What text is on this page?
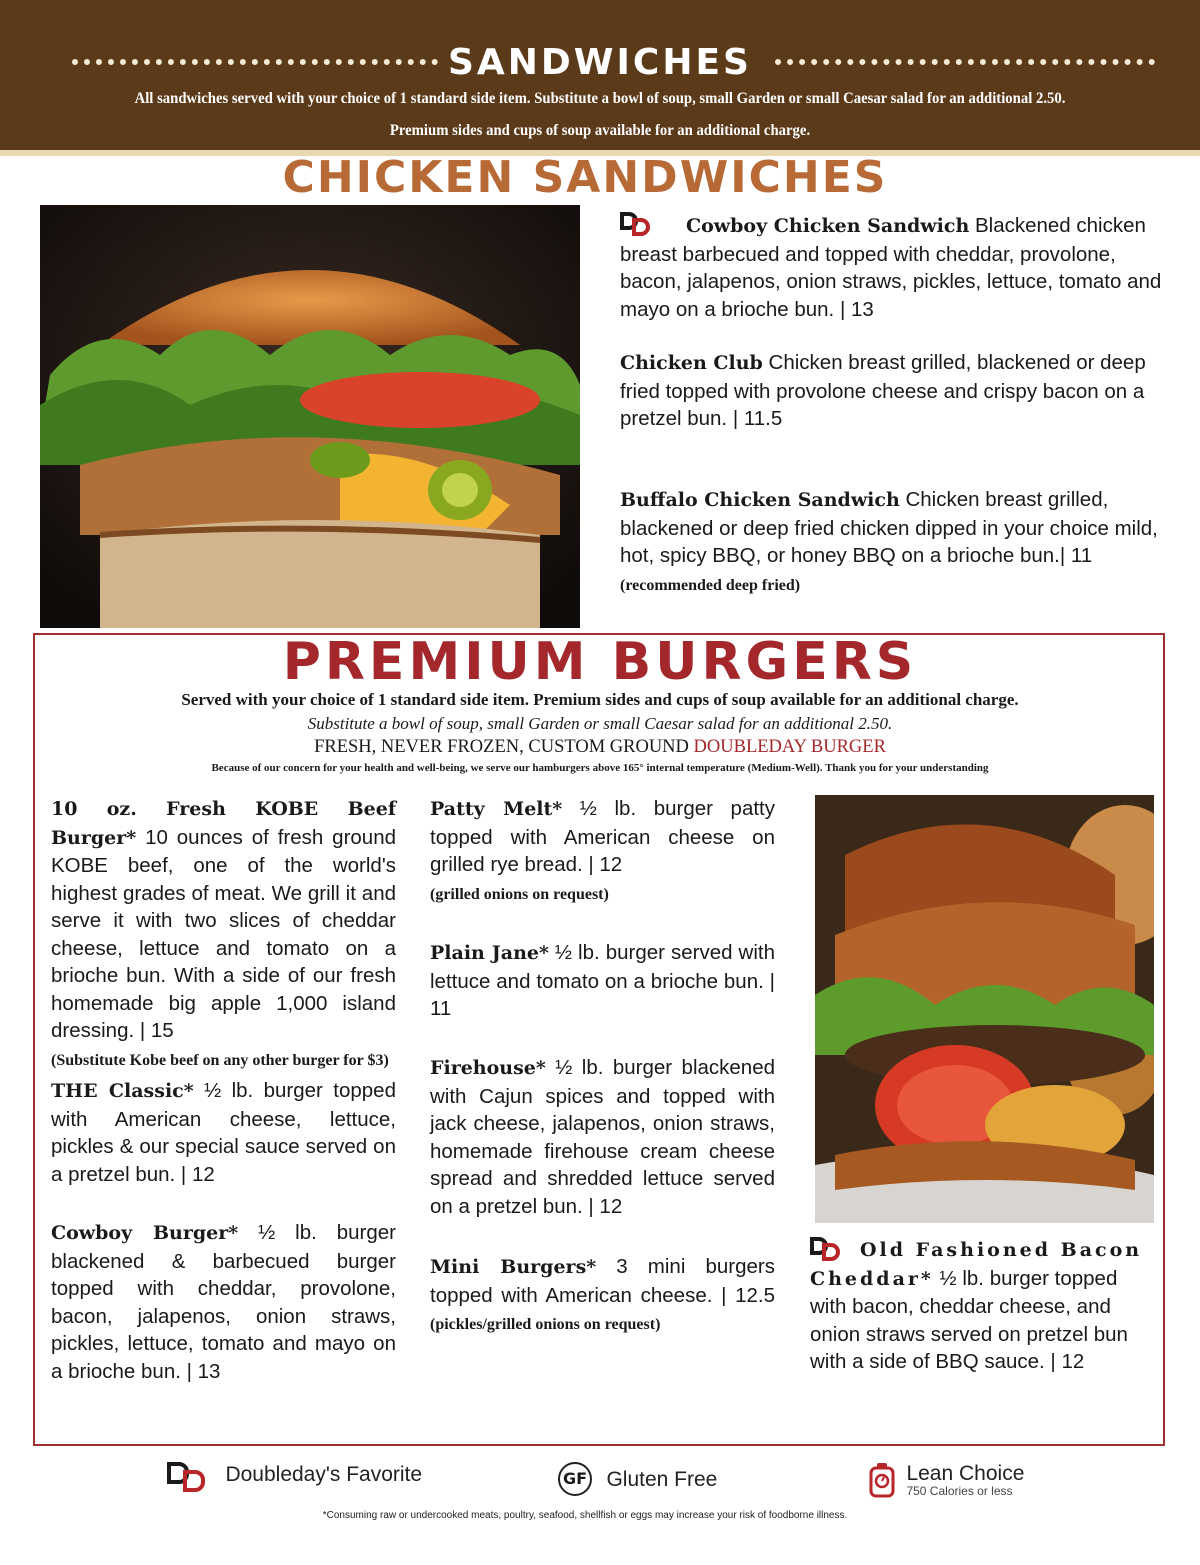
SANDWICHES
All sandwiches served with your choice of 1 standard side item. Substitute a bowl of soup, small Garden or small Caesar salad for an additional 2.50.
Premium sides and cups of soup available for an additional charge.
CHICKEN SANDWICHES
Cowboy Chicken Sandwich Blackened chicken breast barbecued and topped with cheddar, provolone, bacon, jalapenos, onion straws, pickles, lettuce, tomato and mayo on a brioche bun. | 13
Chicken Club Chicken breast grilled, blackened or deep fried topped with provolone cheese and crispy bacon on a pretzel bun. | 11.5
Buffalo Chicken Sandwich Chicken breast grilled, blackened or deep fried chicken dipped in your choice mild, hot, spicy BBQ, or honey BBQ on a brioche bun.| 11 (recommended deep fried)
PREMIUM BURGERS
Served with your choice of 1 standard side item. Premium sides and cups of soup available for an additional charge.
Substitute a bowl of soup, small Garden or small Caesar salad for an additional 2.50.
FRESH, NEVER FROZEN, CUSTOM GROUND DOUBLEDAY BURGER
Because of our concern for your health and well-being, we serve our hamburgers above 165° internal temperature (Medium-Well). Thank you for your understanding
10 oz. Fresh KOBE Beef Burger* 10 ounces of fresh ground KOBE beef, one of the world's highest grades of meat. We grill it and serve it with two slices of cheddar cheese, lettuce and tomato on a brioche bun. With a side of our fresh homemade big apple 1,000 island dressing. | 15
(Substitute Kobe beef on any other burger for $3)
THE Classic* ½ lb. burger topped with American cheese, lettuce, pickles & our special sauce served on a pretzel bun. | 12
Cowboy Burger* ½ lb. burger blackened & barbecued burger topped with cheddar, provolone, bacon, jalapenos, onion straws, pickles, lettuce, tomato and mayo on a brioche bun. | 13
Patty Melt* ½ lb. burger patty topped with American cheese on grilled rye bread. | 12
(grilled onions on request)
Plain Jane* ½ lb. burger served with lettuce and tomato on a brioche bun. | 11
Firehouse* ½ lb. burger blackened with Cajun spices and topped with jack cheese, jalapenos, onion straws, homemade firehouse cream cheese spread and shredded lettuce served on a pretzel bun. | 12
Mini Burgers* 3 mini burgers topped with American cheese. | 12.5 (pickles/grilled onions on request)
Old Fashioned Bacon Cheddar* ½ lb. burger topped with bacon, cheddar cheese, and onion straws served on pretzel bun with a side of BBQ sauce. | 12
Doubleday's Favorite	GF Gluten Free
	Lean Choice
750 Calories or less
*Consuming raw or undercooked meats, poultry, seafood, shellfish or eggs may increase your risk of foodborne illness.
